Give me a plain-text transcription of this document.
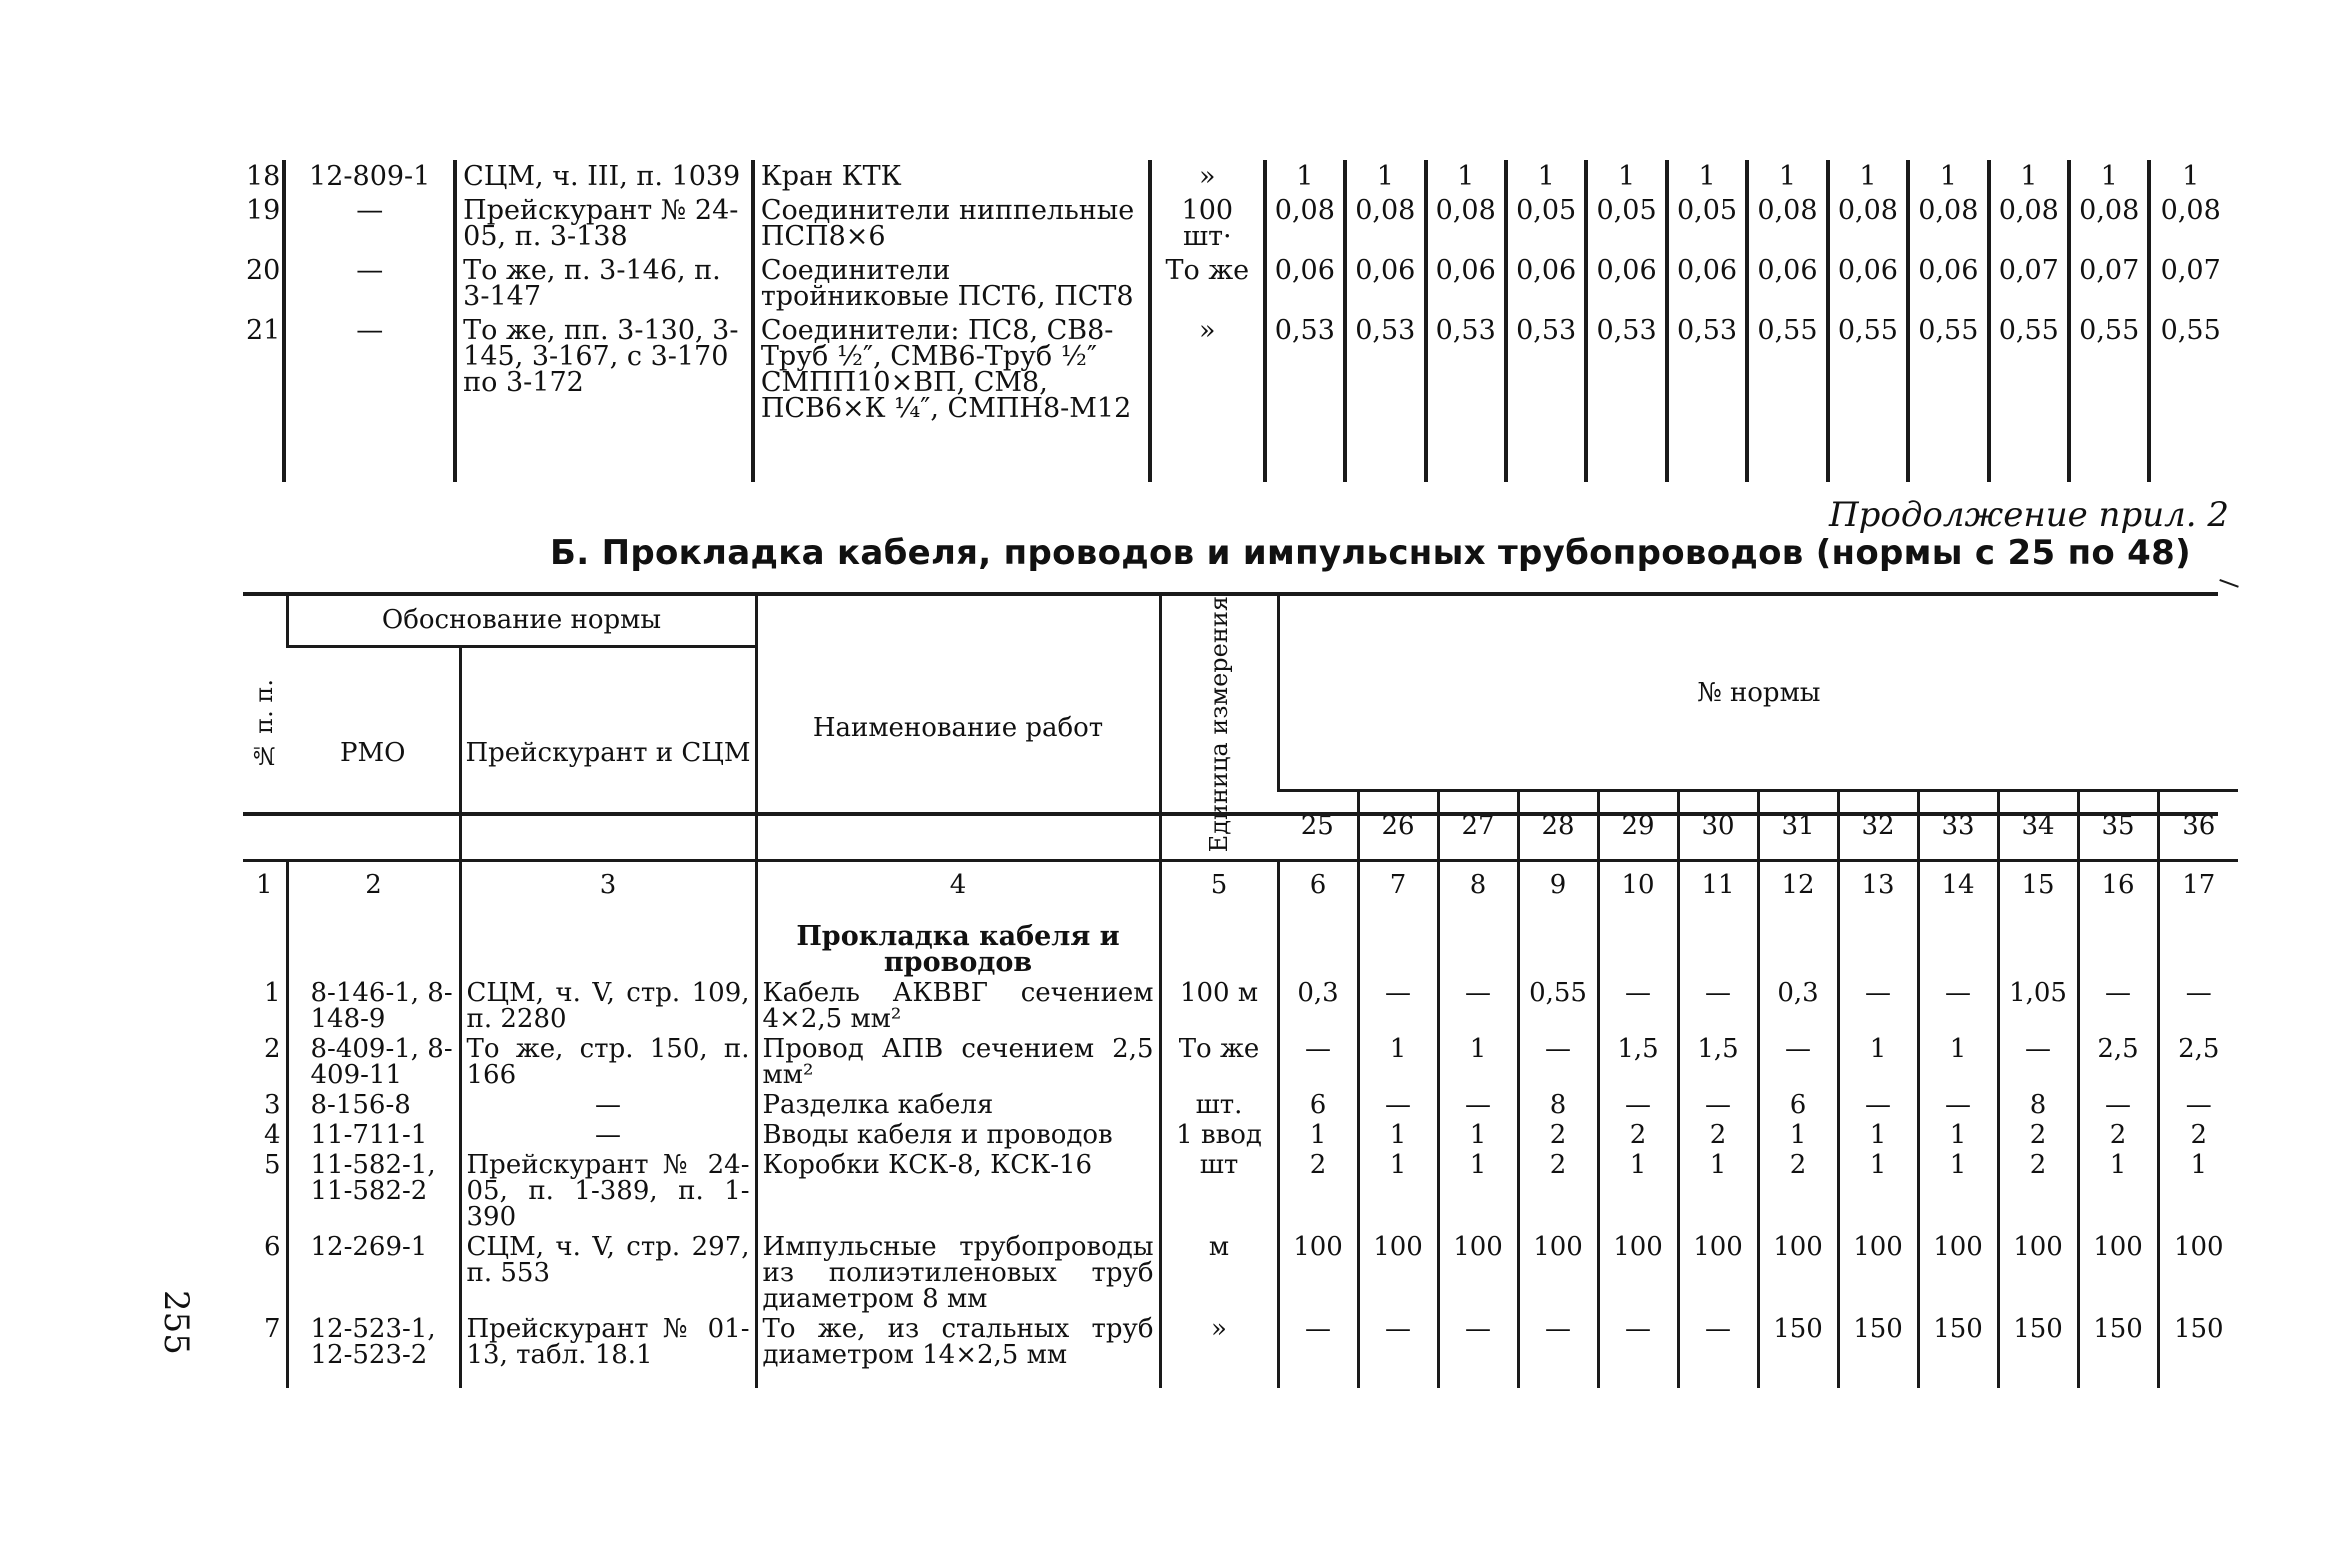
18	12-809-1	СЦМ, ч. III, п. 1039	Кран КТК	»	1	1	1	1	1	1	1	1	1	1	1	1
19	—	Прейскурант № 24-05, п. 3-138	Соединители ниппельные ПСП8×6	100 шт·	0,08	0,08	0,08	0,05	0,05	0,05	0,08	0,08	0,08	0,08	0,08	0,08
20	—	То же, п. 3-146, п. 3-147	Соединители тройниковые ПСТ6, ПСТ8	То же	0,06	0,06	0,06	0,06	0,06	0,06	0,06	0,06	0,06	0,07	0,07	0,07
21	—	То же, пп. 3-130, 3-145, 3-167, с 3-170 по 3-172	Соединители: ПС8, СВ8-Труб ½″, СМВ6-Труб ½″ СМПП10×ВП, СМ8, ПСВ6×К ¼″, СМПН8-М12	»	0,53	0,53	0,53	0,53	0,53	0,53	0,55	0,55	0,55	0,55	0,55	0,55

Продолжение прил. 2
Б. Прокладка кабеля, проводов и импульсных трубопроводов (нормы с 25 по 48)
№ п. п.	Обоснование нормы		Наименование работ	Единица измерения	№ нормы											
	РМО	Прейскурант и СЦМ														
					25	26	27	28	29	30	31	32	33	34	35	36
1	2	3	4	5	6	7	8	9	10	11	12	13	14	15	16	17

			Прокладка кабеля и проводов													

1	8-146-1, 8-148-9	СЦМ, ч. V, стр. 109, п. 2280	Кабель АКВВГ сечением 4×2,5 мм²	100 м	0,3	—	—	0,55	—	—	0,3	—	—	1,05	—	—
2	8-409-1, 8-409-11	То же, стр. 150, п. 166	Провод АПВ сечением 2,5 мм²	То же	—	1	1	—	1,5	1,5	—	1	1	—	2,5	2,5
3	8-156-8	—	Разделка кабеля	шт.	6	—	—	8	—	—	6	—	—	8	—	—
4	11-711-1	—	Вводы кабеля и проводов	1 ввод	1	1	1	2	2	2	1	1	1	2	2	2
5	11-582-1, 11-582-2	Прейскурант № 24-05, п. 1-389, п. 1-390	Коробки КСК-8, КСК-16	шт	2	1	1	2	1	1	2	1	1	2	1	1
6	12-269-1	СЦМ, ч. V, стр. 297, п. 553	Импульсные трубопроводы из полиэтиленовых труб диаметром 8 мм	м	100	100	100	100	100	100	100	100	100	100	100	100
7	12-523-1, 12-523-2	Прейскурант № 01-13, табл. 18.1	То же, из стальных труб диаметром 14×2,5 мм	»	—	—	—	—	—	—	150	150	150	150	150	150
255
